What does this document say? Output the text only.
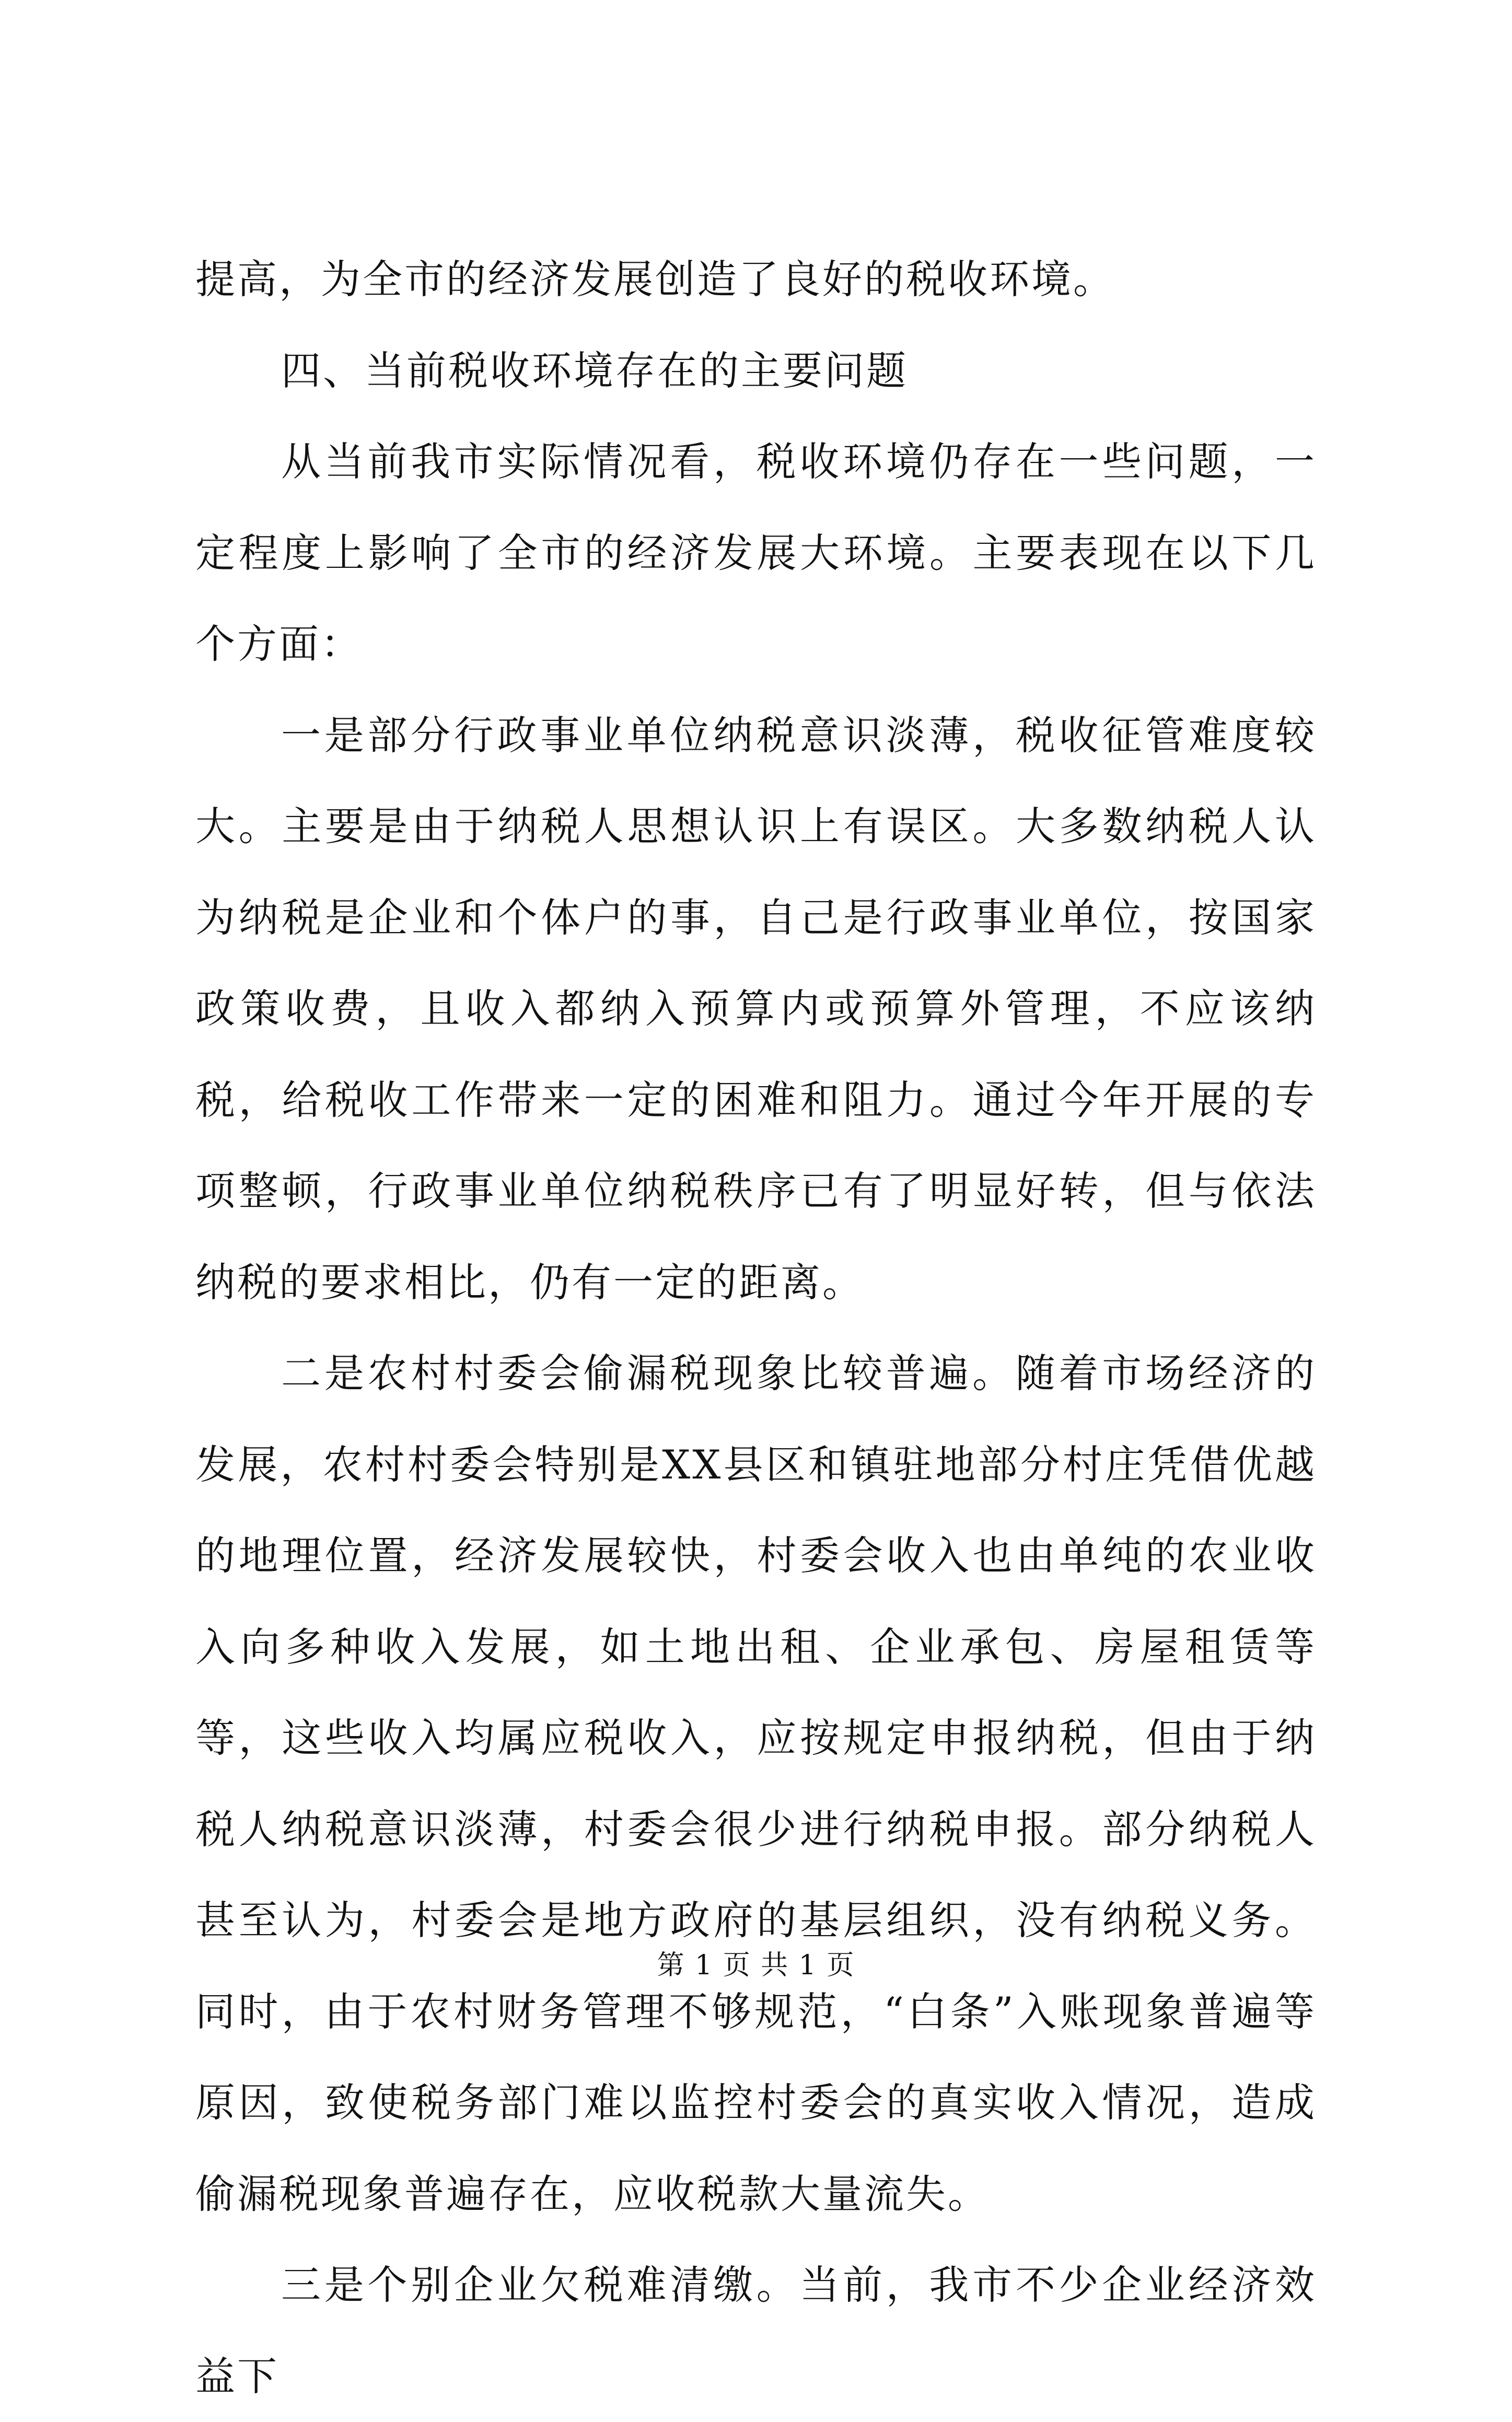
提高，为全市的经济发展创造了良好的税收环境。

四、当前税收环境存在的主要问题

从当前我市实际情况看，税收环境仍存在一些问题，一定程度上影响了全市的经济发展大环境。主要表现在以下几个方面：

一是部分行政事业单位纳税意识淡薄，税收征管难度较大。主要是由于纳税人思想认识上有误区。大多数纳税人认为纳税是企业和个体户的事，自己是行政事业单位，按国家政策收费，且收入都纳入预算内或预算外管理，不应该纳税，给税收工作带来一定的困难和阻力。通过今年开展的专项整顿，行政事业单位纳税秩序已有了明显好转，但与依法纳税的要求相比，仍有一定的距离。

二是农村村委会偷漏税现象比较普遍。随着市场经济的发展，农村村委会特别是XX县区和镇驻地部分村庄凭借优越的地理位置，经济发展较快，村委会收入也由单纯的农业收入向多种收入发展，如土地出租、企业承包、房屋租赁等等，这些收入均属应税收入，应按规定申报纳税，但由于纳税人纳税意识淡薄，村委会很少进行纳税申报。部分纳税人甚至认为，村委会是地方政府的基层组织，没有纳税义务。同时，由于农村财务管理不够规范，“白条”入账现象普遍等原因，致使税务部门难以监控村委会的真实收入情况，造成偷漏税现象普遍存在，应收税款大量流失。

三是个别企业欠税难清缴。当前，我市不少企业经济效益下

第 1 页 共 1 页
